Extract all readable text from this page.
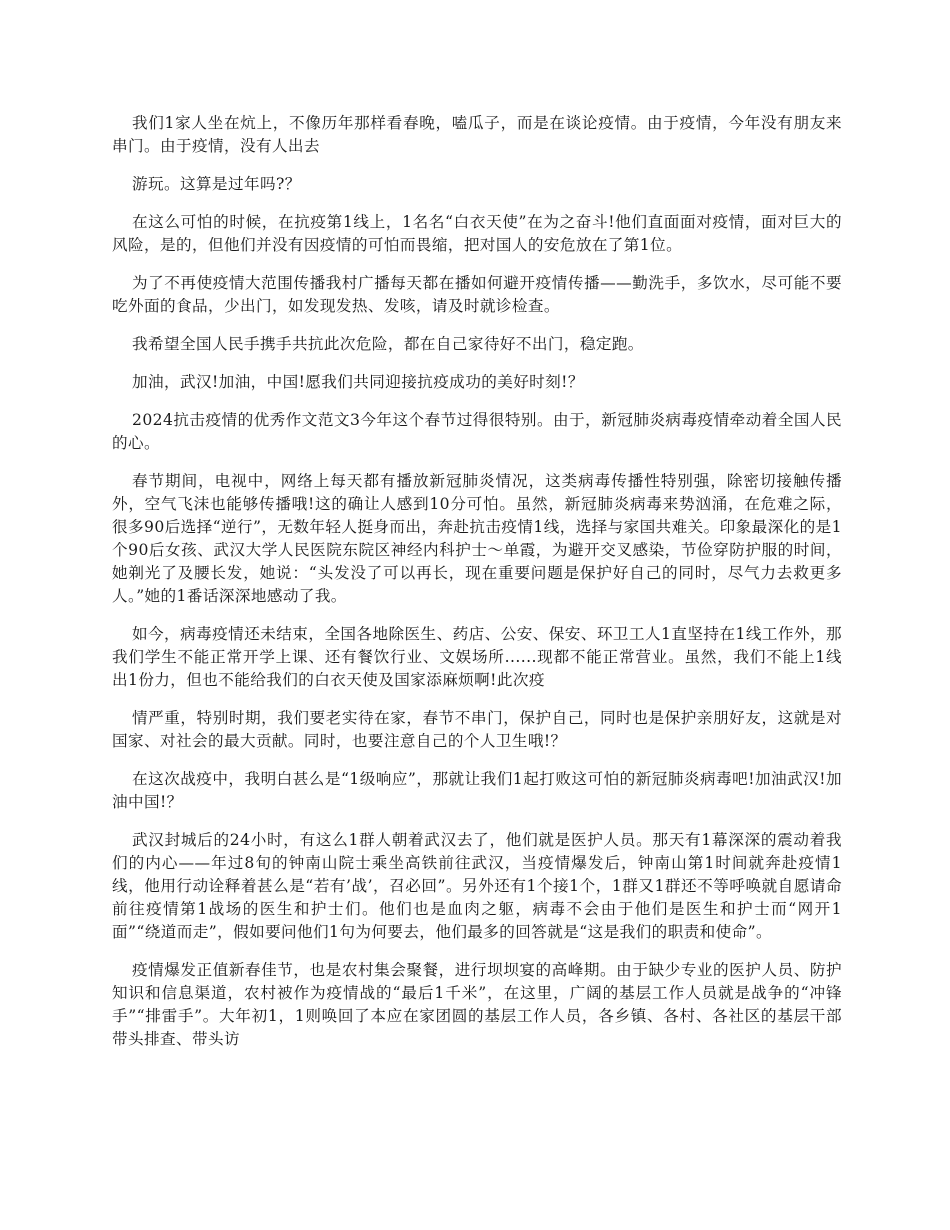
我们1家人坐在炕上，不像历年那样看春晚，嗑瓜子，而是在谈论疫情。由于疫情，今年没有朋友来串门。由于疫情，没有人出去

游玩。这算是过年吗?？

在这么可怕的时候，在抗疫第1线上，1名名“白衣天使”在为之奋斗!他们直面面对疫情，面对巨大的风险，是的，但他们并没有因疫情的可怕而畏缩，把对国人的安危放在了第1位。

为了不再使疫情大范围传播我村广播每天都在播如何避开疫情传播——勤洗手，多饮水，尽可能不要吃外面的食品，少出门，如发现发热、发咳，请及时就诊检查。

我希望全国人民手携手共抗此次危险，都在自己家待好不出门，稳定跑。

加油，武汉!加油，中国!愿我们共同迎接抗疫成功的美好时刻!？

2024抗击疫情的优秀作文范文3今年这个春节过得很特别。由于，新冠肺炎病毒疫情牵动着全国人民的心。

春节期间，电视中，网络上每天都有播放新冠肺炎情况，这类病毒传播性特别强，除密切接触传播外，空气飞沫也能够传播哦!这的确让人感到10分可怕。虽然，新冠肺炎病毒来势汹涌，在危难之际，很多90后选择“逆行”，无数年轻人挺身而出，奔赴抗击疫情1线，选择与家国共难关。印象最深化的是1个90后女孩、武汉大学人民医院东院区神经内科护士～单霞，为避开交叉感染，节俭穿防护服的时间，她剃光了及腰长发，她说：“头发没了可以再长，现在重要问题是保护好自己的同时，尽气力去救更多人。”她的1番话深深地感动了我。

如今，病毒疫情还未结束，全国各地除医生、药店、公安、保安、环卫工人1直坚持在1线工作外，那我们学生不能正常开学上课、还有餐饮行业、文娱场所......现都不能正常营业。虽然，我们不能上1线出1份力，但也不能给我们的白衣天使及国家添麻烦啊!此次疫

情严重，特别时期，我们要老实待在家，春节不串门，保护自己，同时也是保护亲朋好友，这就是对国家、对社会的最大贡献。同时，也要注意自己的个人卫生哦!？

在这次战疫中，我明白甚么是“1级响应”，那就让我们1起打败这可怕的新冠肺炎病毒吧!加油武汉!加油中国!？

武汉封城后的24小时，有这么1群人朝着武汉去了，他们就是医护人员。那天有1幕深深的震动着我们的内心——年过8旬的钟南山院士乘坐高铁前往武汉，当疫情爆发后，钟南山第1时间就奔赴疫情1线，他用行动诠释着甚么是“若有’战’，召必回”。另外还有1个接1个，1群又1群还不等呼唤就自愿请命前往疫情第1战场的医生和护士们。他们也是血肉之躯，病毒不会由于他们是医生和护士而“网开1面”“绕道而走”，假如要问他们1句为何要去，他们最多的回答就是“这是我们的职责和使命”。

疫情爆发正值新春佳节，也是农村集会聚餐，进行坝坝宴的高峰期。由于缺少专业的医护人员、防护知识和信息渠道，农村被作为疫情战的“最后1千米”，在这里，广阔的基层工作人员就是战争的“冲锋手”“排雷手”。大年初1，1则唤回了本应在家团圆的基层工作人员，各乡镇、各村、各社区的基层干部带头排查、带头访
